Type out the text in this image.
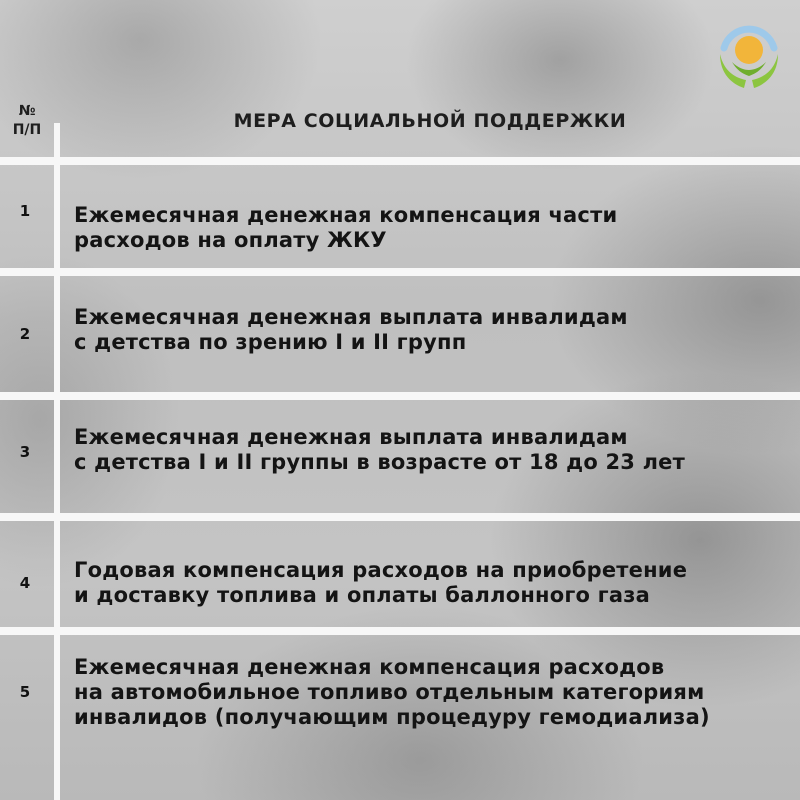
№
П/П	МЕРА СОЦИАЛЬНОЙ ПОДДЕРЖКИ
1	Ежемесячная денежная компенсация части
расходов на оплату ЖКУ
2
Ежемесячная денежная выплата инвалидам
с детства по зрению I и II групп
3
Ежемесячная денежная выплата инвалидам
с детства I и II группы в возрасте от 18 до 23 лет
4
Годовая компенсация расходов на приобретение
и доставку топлива и оплаты баллонного газа
5
Ежемесячная денежная компенсация расходов
на автомобильное топливо отдельным категориям
инвалидов (получающим процедуру гемодиализа)
